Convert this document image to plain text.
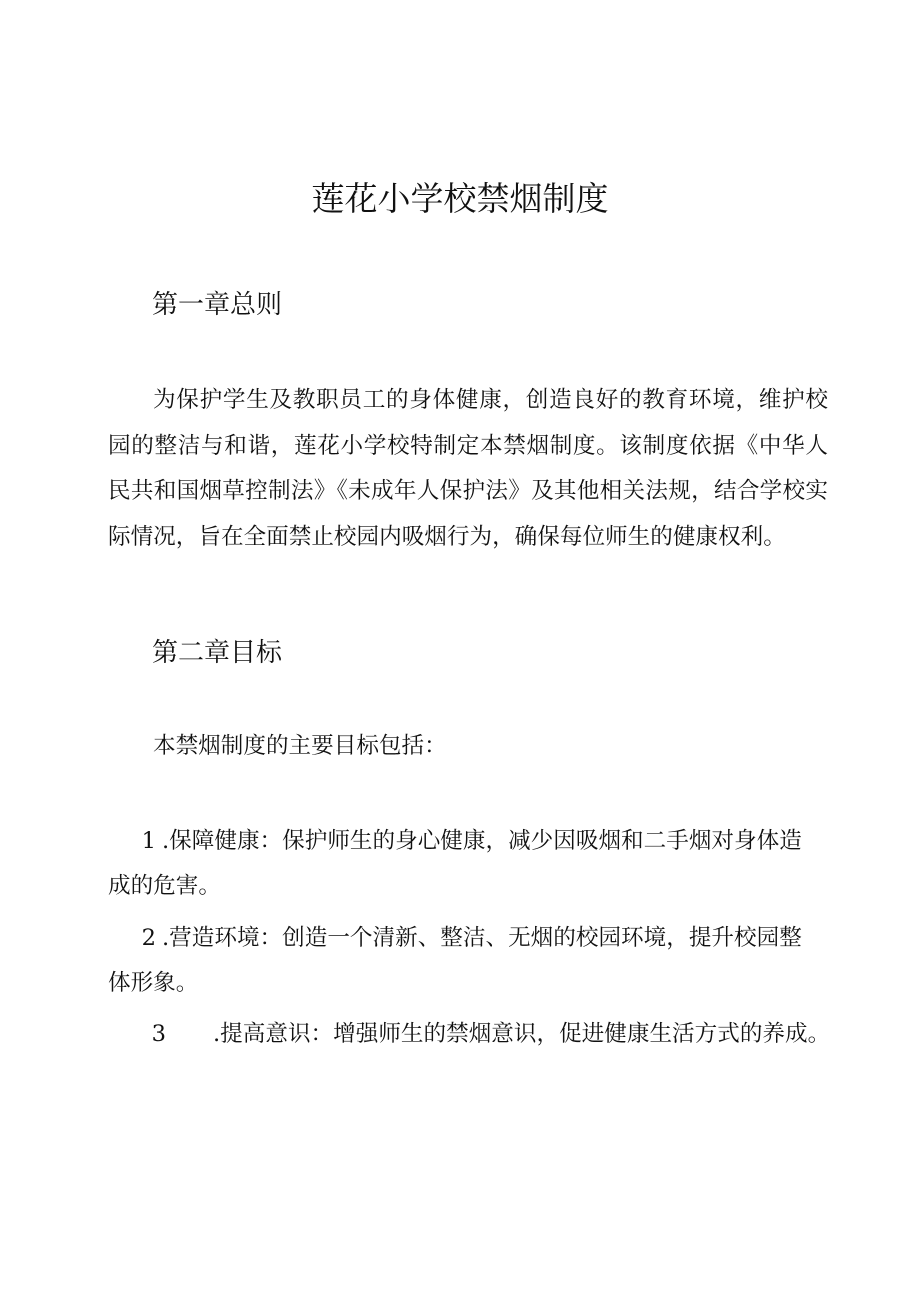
莲花小学校禁烟制度
第一章总则

为保护学生及教职员工的身体健康，创造良好的教育环境，维护校园的整洁与和谐，莲花小学校特制定本禁烟制度。该制度依据《中华人民共和国烟草控制法》《未成年人保护法》及其他相关法规，结合学校实际情况，旨在全面禁止校园内吸烟行为，确保每位师生的健康权利。

第二章目标
本禁烟制度的主要目标包括：

1 .保障健康：保护师生的身心健康，减少因吸烟和二手烟对身体造成的危害。

2 .营造环境：创造一个清新、整洁、无烟的校园环境，提升校园整体形象。

3 .提高意识：增强师生的禁烟意识，促进健康生活方式的养成。
